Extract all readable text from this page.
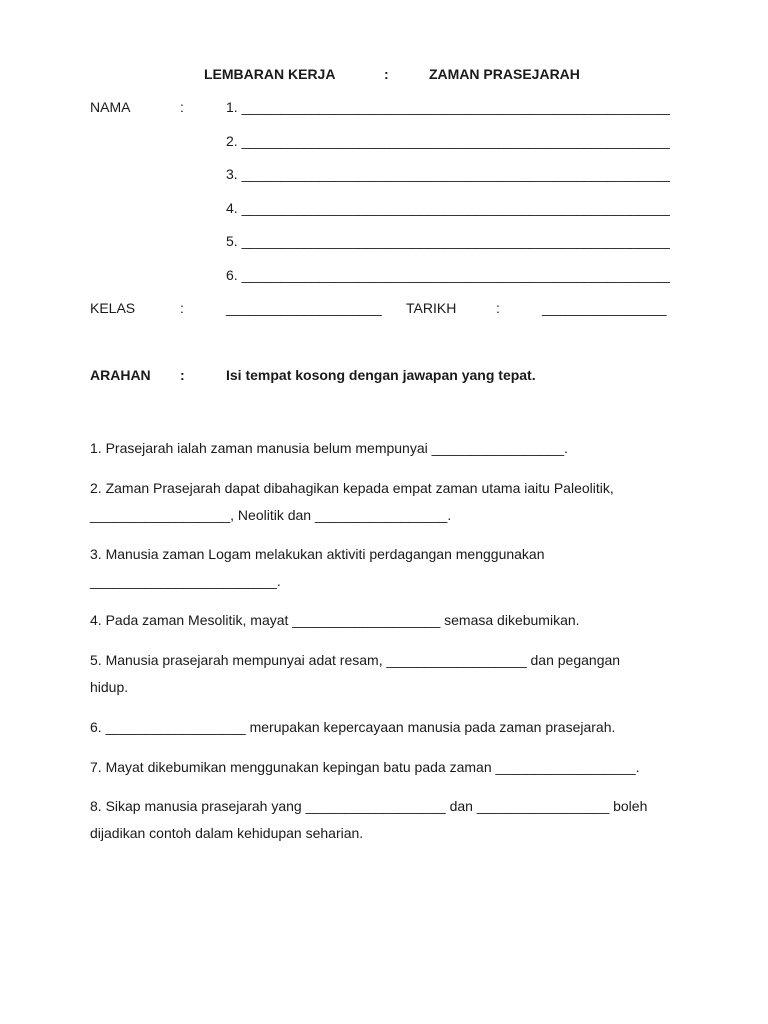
LEMBARAN KERJA	:	ZAMAN PRASEJARAH
NAMA	:	1. _______________________________________________________
2. _______________________________________________________
3. _______________________________________________________
4. _______________________________________________________
5. _______________________________________________________
6. _______________________________________________________
KELAS	:	____________________ TARIKH	:	________________
ARAHAN :	Isi tempat kosong dengan jawapan yang tepat.
1. Prasejarah ialah zaman manusia belum mempunyai _________________.
2. Zaman Prasejarah dapat dibahagikan kepada empat zaman utama iaitu Paleolitik,
__________________, Neolitik dan _________________.
3. Manusia zaman Logam melakukan aktiviti perdagangan menggunakan
________________________.
4. Pada zaman Mesolitik, mayat ___________________ semasa dikebumikan.
5. Manusia prasejarah mempunyai adat resam, __________________ dan pegangan
hidup.
6. __________________ merupakan kepercayaan manusia pada zaman prasejarah.
7. Mayat dikebumikan menggunakan kepingan batu pada zaman __________________.
8. Sikap manusia prasejarah yang __________________ dan _________________ boleh
dijadikan contoh dalam kehidupan seharian.
